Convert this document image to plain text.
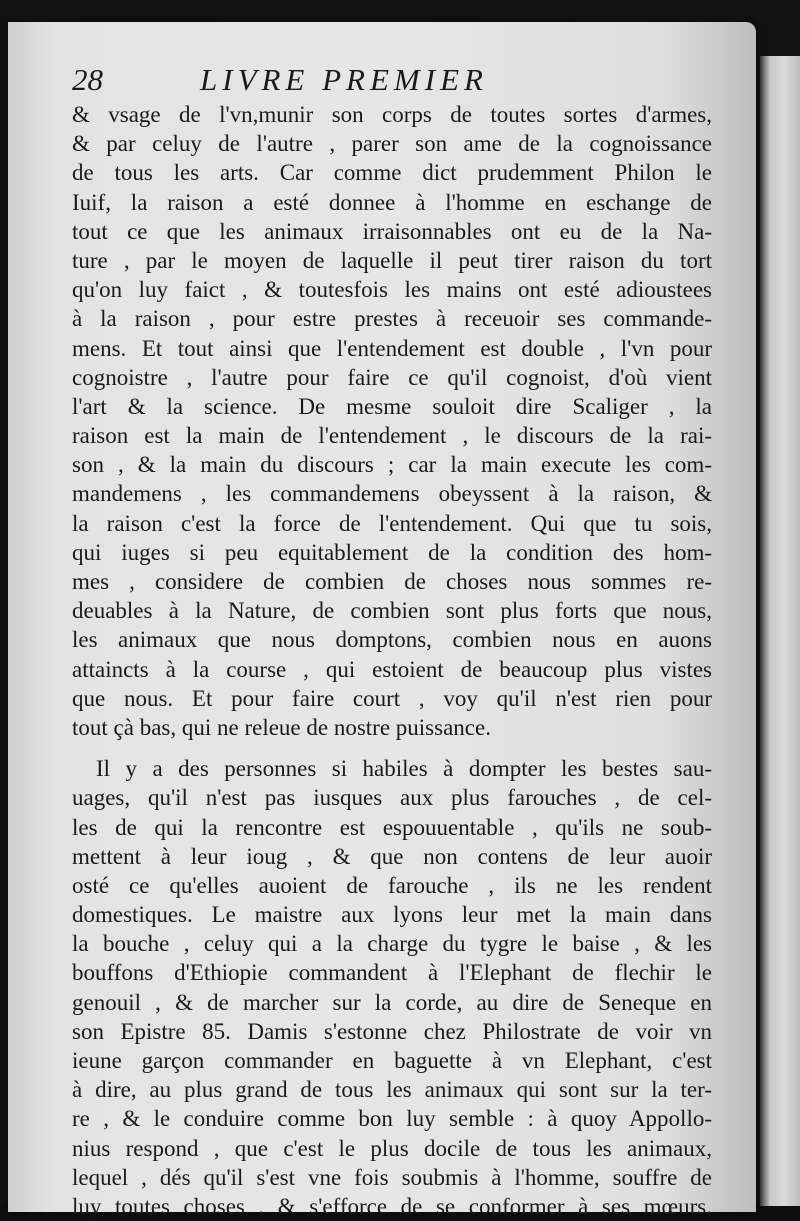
28	LIVRE PREMIER
& vsage de l'vn,munir son corps de toutes sortes d'armes,
& par celuy de l'autre , parer son ame de la cognoissance
de tous les arts. Car comme dict prudemment Philon le
Iuif, la raison a esté donnee à l'homme en eschange de
tout ce que les animaux irraisonnables ont eu de la Na-
ture , par le moyen de laquelle il peut tirer raison du tort
qu'on luy faict , & toutesfois les mains ont esté adioustees
à la raison , pour estre prestes à receuoir ses commande-
mens. Et tout ainsi que l'entendement est double , l'vn pour
cognoistre , l'autre pour faire ce qu'il cognoist, d'où vient
l'art & la science. De mesme souloit dire Scaliger , la
raison est la main de l'entendement , le discours de la rai-
son , & la main du discours ; car la main execute les com-
mandemens , les commandemens obeyssent à la raison, &
la raison c'est la force de l'entendement. Qui que tu sois,
qui iuges si peu equitablement de la condition des hom-
mes , considere de combien de choses nous sommes re-
deuables à la Nature, de combien sont plus forts que nous,
les animaux que nous domptons, combien nous en auons
attaincts à la course , qui estoient de beaucoup plus vistes
que nous. Et pour faire court , voy qu'il n'est rien pour
tout çà bas, qui ne releue de nostre puissance.
Il y a des personnes si habiles à dompter les bestes sau-
uages, qu'il n'est pas iusques aux plus farouches , de cel-
les de qui la rencontre est espouuentable , qu'ils ne soub-
mettent à leur ioug , & que non contens de leur auoir
osté ce qu'elles auoient de farouche , ils ne les rendent
domestiques. Le maistre aux lyons leur met la main dans
la bouche , celuy qui a la charge du tygre le baise , & les
bouffons d'Ethiopie commandent à l'Elephant de flechir le
genouil , & de marcher sur la corde, au dire de Seneque en
son Epistre 85. Damis s'estonne chez Philostrate de voir vn
ieune garçon commander en baguette à vn Elephant, c'est
à dire, au plus grand de tous les animaux qui sont sur la ter-
re , & le conduire comme bon luy semble : à quoy Appollo-
nius respond , que c'est le plus docile de tous les animaux,
lequel , dés qu'il s'est vne fois soubmis à l'homme, souffre de
luy toutes choses , & s'efforce de se conformer à ses mœurs,
